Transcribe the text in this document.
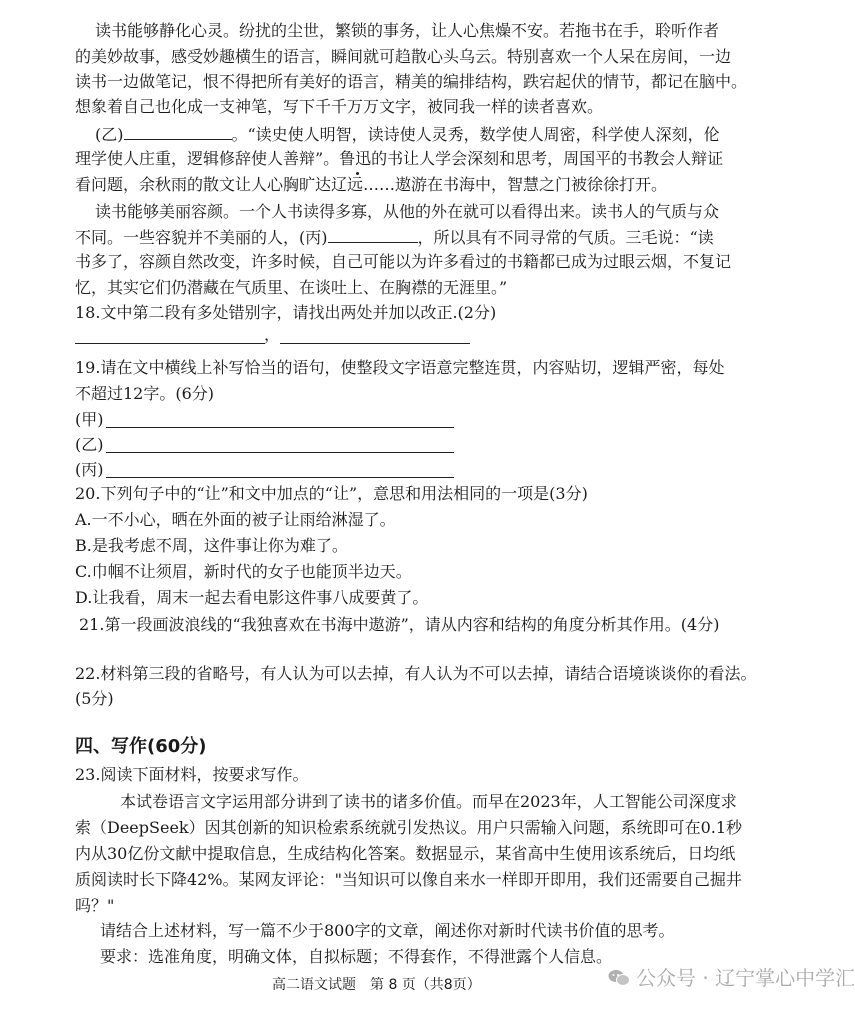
读书能够静化心灵。纷扰的尘世，繁锁的事务，让人心焦燥不安。若拖书在手，聆听作者
的美妙故事，感受妙趣横生的语言，瞬间就可趋散心头乌云。特别喜欢一个人呆在房间，一边
读书一边做笔记，恨不得把所有美好的语言，精美的编排结构，跌宕起伏的情节，都记在脑中。
想象着自己也化成一支神笔，写下千千万万文字，被同我一样的读者喜欢。
(乙)	。“读史使人明智，读诗使人灵秀，数学使人周密，科学使人深刻，伦
理学使人庄重，逻辑修辞使人善辩”。鲁迅的书让人学会深刻和思考，周国平的书教会人辩证
看问题，余秋雨的散文让人心胸旷达辽远……遨游在书海中，智慧之门被徐徐打开。
读书能够美丽容颜。一个人书读得多寡，从他的外在就可以看得出来。读书人的气质与众
不同。一些容貌并不美丽的人，(丙)	，所以具有不同寻常的气质。三毛说：“读
书多了，容颜自然改变，许多时候，自己可能以为许多看过的书籍都已成为过眼云烟，不复记
忆，其实它们仍潜藏在气质里、在谈吐上、在胸襟的无涯里。”
18.文中第二段有多处错别字，请找出两处并加以改正.(2分)
，
19.请在文中横线上补写恰当的语句，使整段文字语意完整连贯，内容贴切，逻辑严密，每处
不超过12字。(6分)
(甲)
(乙)
(丙)
20.下列句子中的“让”和文中加点的“让”，意思和用法相同的一项是(3分)
A.一不小心，晒在外面的被子让雨给淋湿了。
B.是我考虑不周，这件事让你为难了。
C.巾帼不让须眉，新时代的女子也能顶半边天。
D.让我看，周末一起去看电影这件事八成要黄了。
21.第一段画波浪线的“我独喜欢在书海中遨游”，请从内容和结构的角度分析其作用。(4分)
22.材料第三段的省略号，有人认为可以去掉，有人认为不可以去掉，请结合语境谈谈你的看法。
(5分)
四、写作(60分)
23.阅读下面材料，按要求写作。
本试卷语言文字运用部分讲到了读书的诸多价值。而早在2023年，人工智能公司深度求
索（DeepSeek）因其创新的知识检索系统就引发热议。用户只需输入问题，系统即可在0.1秒
内从30亿份文献中提取信息，生成结构化答案。数据显示，某省高中生使用该系统后，日均纸
质阅读时长下降42%。某网友评论："当知识可以像自来水一样即开即用，我们还需要自己掘井
吗？"
请结合上述材料，写一篇不少于800字的文章，阐述你对新时代读书价值的思考。
要求：选准角度，明确文体，自拟标题；不得套作，不得泄露个人信息。
高二语文试题　第 8 页（共8页）	公众号 · 辽宁掌心中学汇
